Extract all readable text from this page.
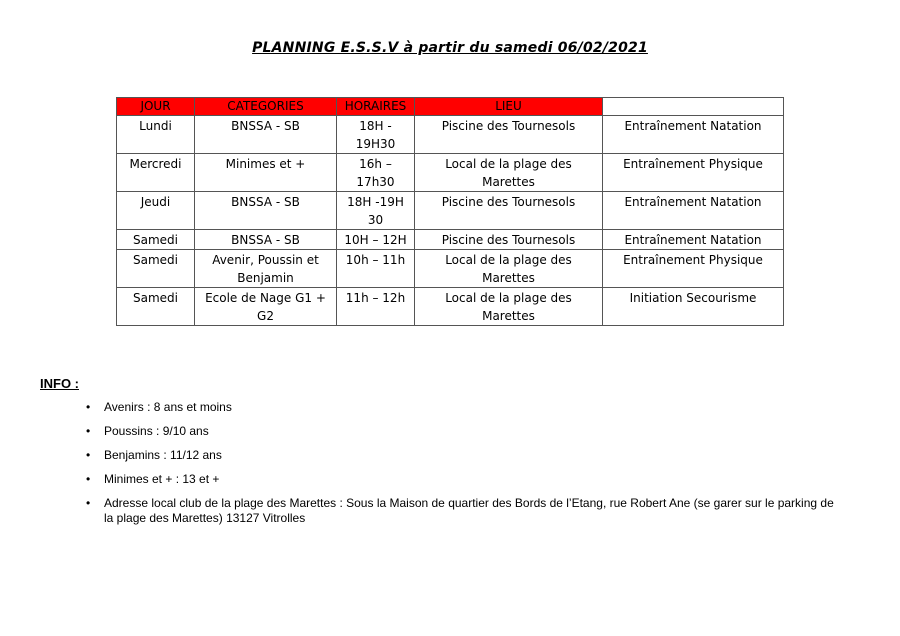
PLANNING E.S.S.V à partir du samedi 06/02/2021
JOUR	CATEGORIES	HORAIRES	LIEU	
Lundi	BNSSA - SB	18H - 19H30	Piscine des Tournesols	Entraînement Natation
Mercredi	Minimes et +	16h – 17h30	Local de la plage des Marettes	Entraînement Physique
Jeudi	BNSSA - SB	18H -19H 30	Piscine des Tournesols	Entraînement Natation
Samedi	BNSSA - SB	10H – 12H	Piscine des Tournesols	Entraînement Natation
Samedi	Avenir, Poussin et Benjamin	10h – 11h	Local de la plage des Marettes	Entraînement Physique
Samedi	Ecole de Nage G1 + G2	11h – 12h	Local de la plage des Marettes	Initiation Secourisme
INFO :
• Avenirs : 8 ans et moins
• Poussins : 9/10 ans
• Benjamins : 11/12 ans
• Minimes et + : 13 et +
• Adresse local club de la plage des Marettes : Sous la Maison de quartier des Bords de l’Etang, rue Robert Ane (se garer sur le parking de la plage des Marettes) 13127 Vitrolles
